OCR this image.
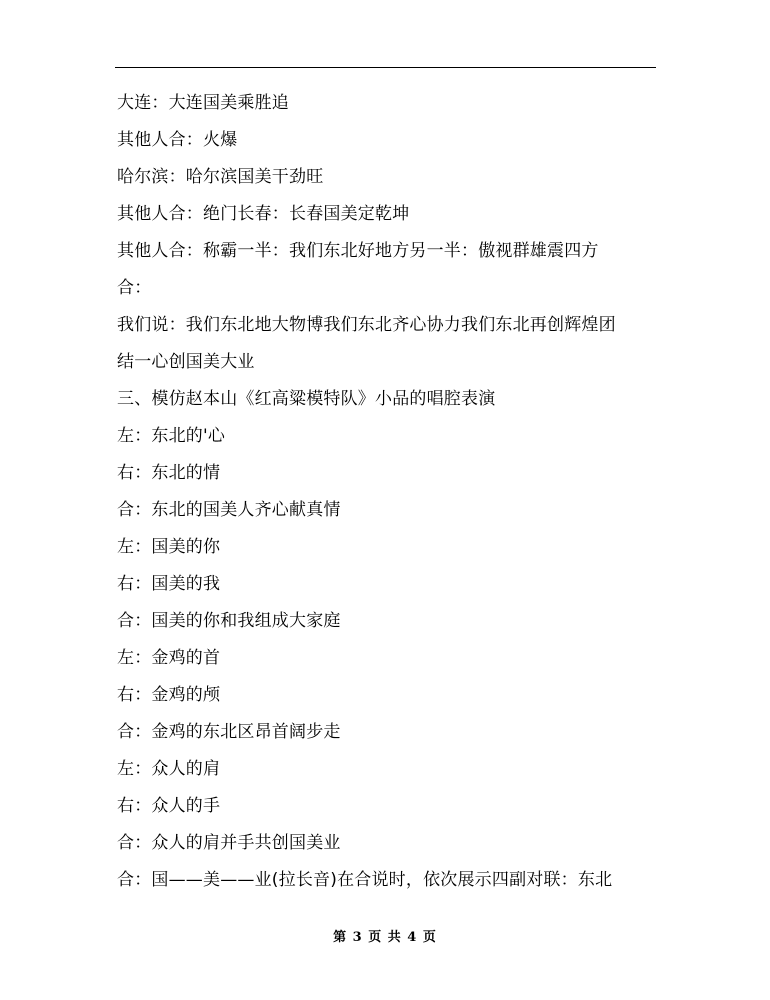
大连：大连国美乘胜追
其他人合：火爆
哈尔滨：哈尔滨国美干劲旺
其他人合：绝门长春：长春国美定乾坤
其他人合：称霸一半：我们东北好地方另一半：傲视群雄震四方
合：
我们说：我们东北地大物博我们东北齐心协力我们东北再创辉煌团
结一心创国美大业
三、模仿赵本山《红高粱模特队》小品的唱腔表演
左：东北的'心
右：东北的情
合：东北的国美人齐心献真情
左：国美的你
右：国美的我
合：国美的你和我组成大家庭
左：金鸡的首
右：金鸡的颅
合：金鸡的东北区昂首阔步走
左：众人的肩
右：众人的手
合：众人的肩并手共创国美业
合：国——美——业(拉长音)在合说时，依次展示四副对联：东北
第 3 页 共 4 页
